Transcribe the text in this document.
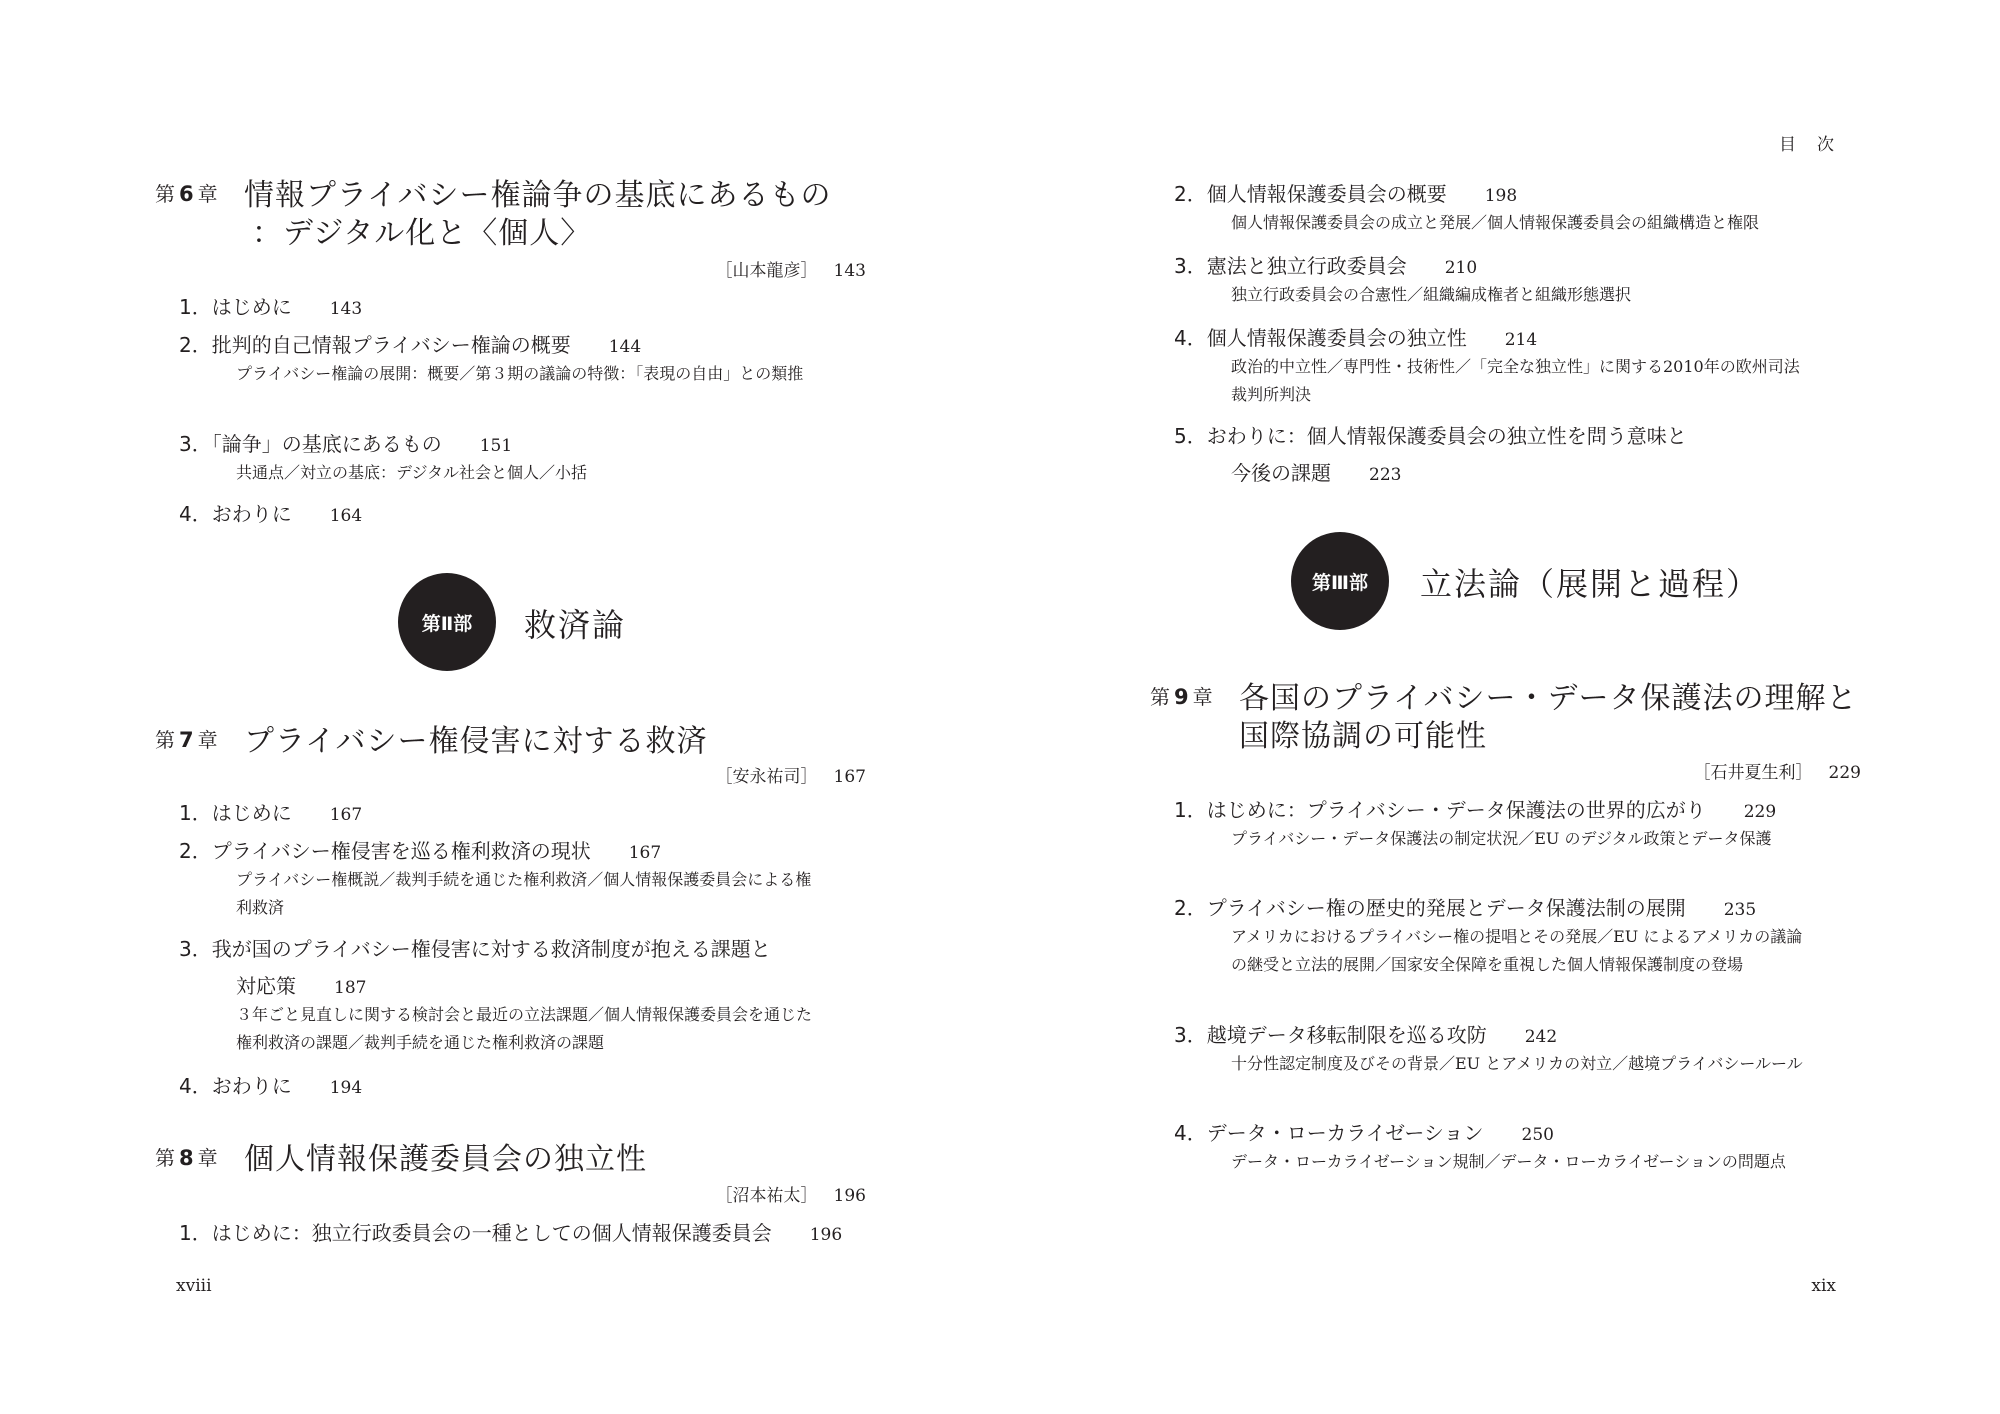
第 6 章 情報プライバシー権論争の基底にあるもの
：デジタル化と〈個人〉
［山本龍彦］ 143
1．はじめに 143
2．批判的自己情報プライバシー権論の概要 144
プライバシー権論の展開：概要／第３期の議論の特徴：「表現の自由」との類推
3．「論争」の基底にあるもの 151
共通点／対立の基底：デジタル社会と個人／小括
4．おわりに 164
第Ⅱ部	救済論
第 7 章 プライバシー権侵害に対する救済
［安永祐司］ 167
1．はじめに 167
2．プライバシー権侵害を巡る権利救済の現状 167
プライバシー権概説／裁判手続を通じた権利救済／個人情報保護委員会による権利救済
3．我が国のプライバシー権侵害に対する救済制度が抱える課題と
対応策 187
３年ごと見直しに関する検討会と最近の立法課題／個人情報保護委員会を通じた権利救済の課題／裁判手続を通じた権利救済の課題
4．おわりに 194
第 8 章 個人情報保護委員会の独立性
［沼本祐太］ 196
1．はじめに：独立行政委員会の一種としての個人情報保護委員会 196
xviii
目　次
2．個人情報保護委員会の概要 198
個人情報保護委員会の成立と発展／個人情報保護委員会の組織構造と権限
3．憲法と独立行政委員会 210
独立行政委員会の合憲性／組織編成権者と組織形態選択
4．個人情報保護委員会の独立性 214
政治的中立性／専門性・技術性／「完全な独立性」に関する2010年の欧州司法裁判所判決
5．おわりに：個人情報保護委員会の独立性を問う意味と
今後の課題 223
第Ⅲ部	立法論（展開と過程）
第 9 章 各国のプライバシー・データ保護法の理解と
国際協調の可能性
［石井夏生利］ 229
1．はじめに：プライバシー・データ保護法の世界的広がり 229
プライバシー・データ保護法の制定状況／EU のデジタル政策とデータ保護
2．プライバシー権の歴史的発展とデータ保護法制の展開 235
アメリカにおけるプライバシー権の提唱とその発展／EU によるアメリカの議論の継受と立法的展開／国家安全保障を重視した個人情報保護制度の登場
3．越境データ移転制限を巡る攻防 242
十分性認定制度及びその背景／EU とアメリカの対立／越境プライバシールール
4．データ・ローカライゼーション 250
データ・ローカライゼーション規制／データ・ローカライゼーションの問題点
xix
